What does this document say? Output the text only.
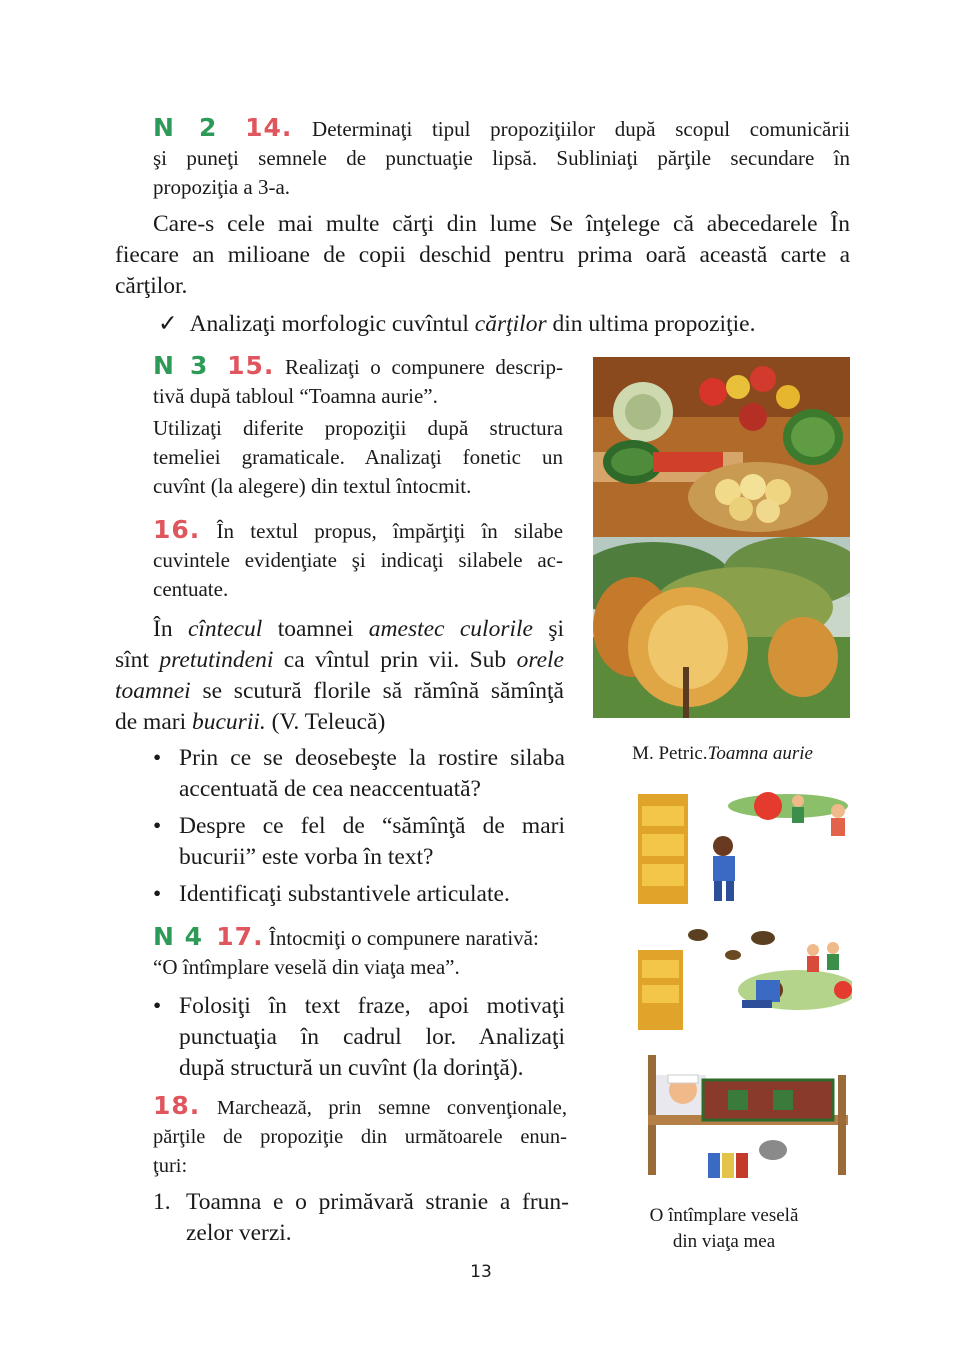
N 2 14. Determinaţi tipul propoziţiilor după scopul comunicării
şi puneţi semnele de punctuaţie lipsă. Subliniaţi părţile secundare în
propoziţia a 3-a.
Care-s cele mai multe cărţi din lume Se înţelege că abecedarele În
fiecare an milioane de copii deschid pentru prima oară această carte a
cărţilor.
✓ Analizaţi morfologic cuvîntul cărţilor din ultima propoziţie.
N 3 15. Realizaţi o compunere descrip-
tivă după tabloul “Toamna aurie”.
Utilizaţi diferite propoziţii după structura
temeliei gramaticale. Analizaţi fonetic un
cuvînt (la alegere) din textul întocmit.
16. În textul propus, împărţiţi în silabe
cuvintele evidenţiate şi indicaţi silabele ac-
centuate.
În cîntecul toamnei amestec culorile şi
sînt pretutindeni ca vîntul prin vii. Sub orele
toamnei se scutură florile să rămînă sămînţă
de mari bucurii. (V. Teleucă)
• Prin ce se deosebeşte la rostire silaba
accentuată de cea neaccentuată?
• Despre ce fel de “sămînţă de mari
bucurii” este vorba în text?
• Identificaţi substantivele articulate.
N 4 17. Întocmiţi o compunere narativă:
“O întîmplare veselă din viaţa mea”.
• Folosiţi în text fraze, apoi motivaţi
punctuaţia în cadrul lor. Analizaţi
după structură un cuvînt (la dorinţă).
18. Marchează, prin semne convenţionale,
părţile de propoziţie din următoarele enun-
ţuri:
1. Toamna e o primăvară stranie a frun-
zelor verzi.
M. Petric.Toamna aurie
O întîmplare veselă
din viaţa mea
13
